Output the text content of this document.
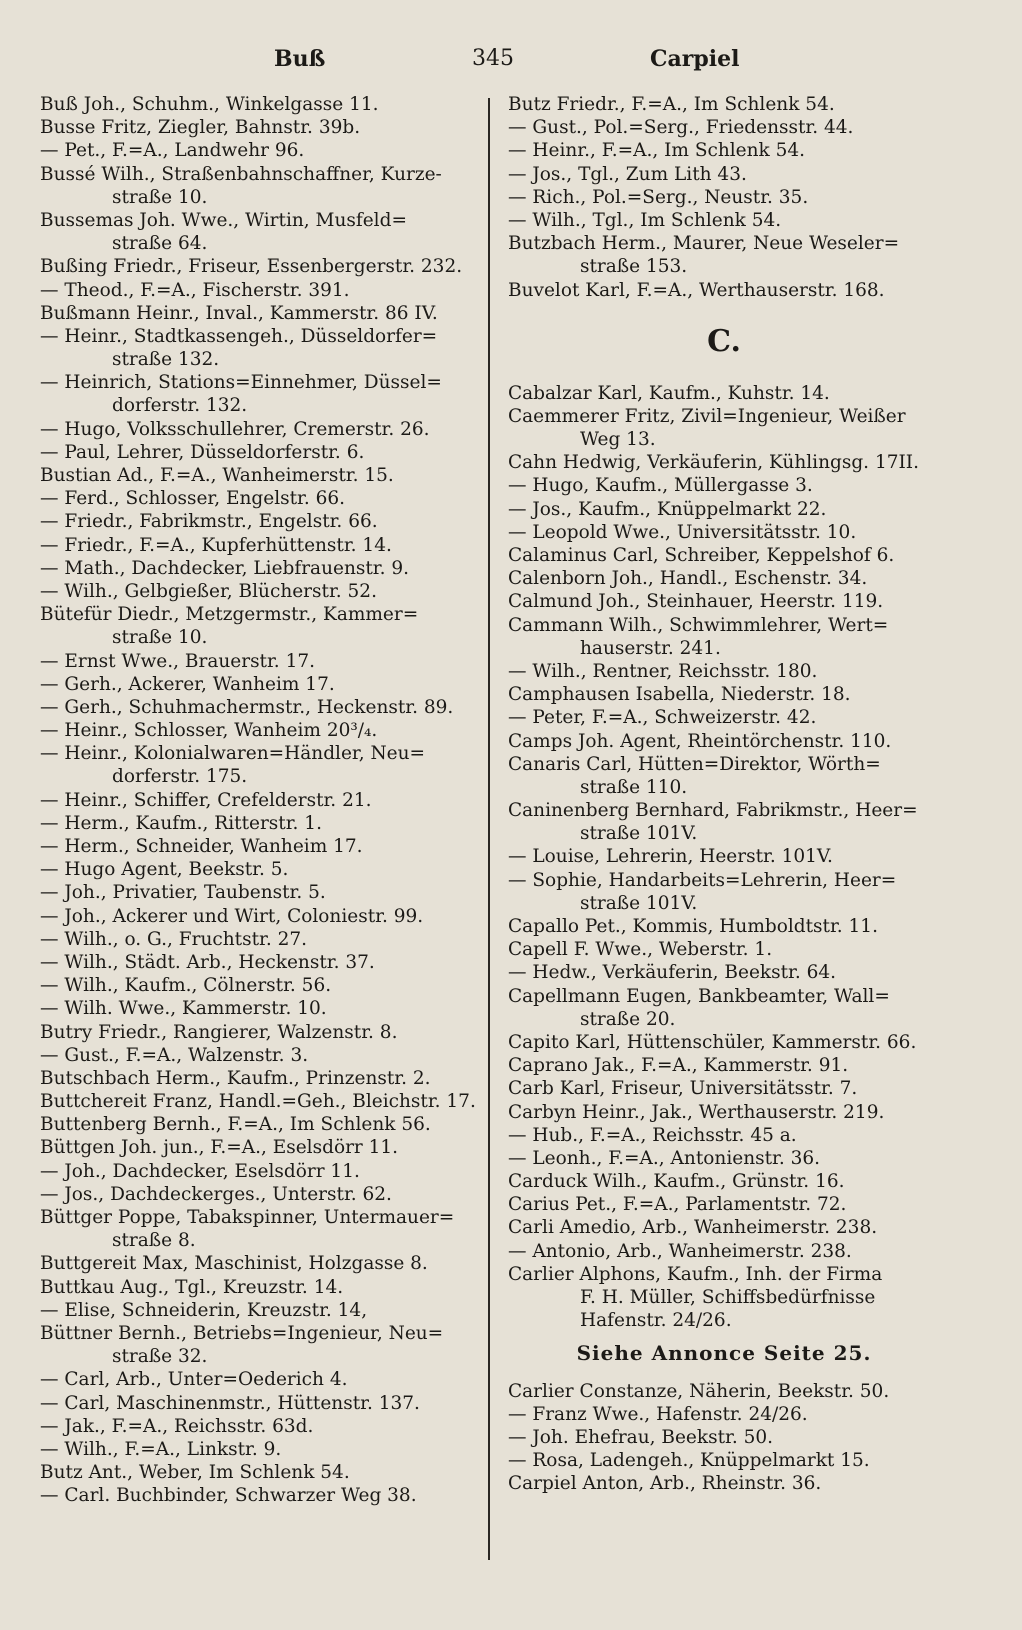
Buß	345	Carpiel
Buß Joh., Schuhm., Winkelgasse 11.
Busse Fritz, Ziegler, Bahnstr. 39b.
— Pet., F.=A., Landwehr 96.
Bussé Wilh., Straßenbahnschaffner, Kurze-
straße 10.
Bussemas Joh. Wwe., Wirtin, Musfeld=
straße 64.
Bußing Friedr., Friseur, Essenbergerstr. 232.
— Theod., F.=A., Fischerstr. 391.
Bußmann Heinr., Inval., Kammerstr. 86 IV.
— Heinr., Stadtkassengeh., Düsseldorfer=
straße 132.
— Heinrich, Stations=Einnehmer, Düssel=
dorferstr. 132.
— Hugo, Volksschullehrer, Cremerstr. 26.
— Paul, Lehrer, Düsseldorferstr. 6.
Bustian Ad., F.=A., Wanheimerstr. 15.
— Ferd., Schlosser, Engelstr. 66.
— Friedr., Fabrikmstr., Engelstr. 66.
— Friedr., F.=A., Kupferhüttenstr. 14.
— Math., Dachdecker, Liebfrauenstr. 9.
— Wilh., Gelbgießer, Blücherstr. 52.
Bütefür Diedr., Metzgermstr., Kammer=
straße 10.
— Ernst Wwe., Brauerstr. 17.
— Gerh., Ackerer, Wanheim 17.
— Gerh., Schuhmachermstr., Heckenstr. 89.
— Heinr., Schlosser, Wanheim 20³/₄.
— Heinr., Kolonialwaren=Händler, Neu=
dorferstr. 175.
— Heinr., Schiffer, Crefelderstr. 21.
— Herm., Kaufm., Ritterstr. 1.
— Herm., Schneider, Wanheim 17.
— Hugo Agent, Beekstr. 5.
— Joh., Privatier, Taubenstr. 5.
— Joh., Ackerer und Wirt, Coloniestr. 99.
— Wilh., o. G., Fruchtstr. 27.
— Wilh., Städt. Arb., Heckenstr. 37.
— Wilh., Kaufm., Cölnerstr. 56.
— Wilh. Wwe., Kammerstr. 10.
Butry Friedr., Rangierer, Walzenstr. 8.
— Gust., F.=A., Walzenstr. 3.
Butschbach Herm., Kaufm., Prinzenstr. 2.
Buttchereit Franz, Handl.=Geh., Bleichstr. 17.
Buttenberg Bernh., F.=A., Im Schlenk 56.
Büttgen Joh. jun., F.=A., Eselsdörr 11.
— Joh., Dachdecker, Eselsdörr 11.
— Jos., Dachdeckerges., Unterstr. 62.
Büttger Poppe, Tabakspinner, Untermauer=
straße 8.
Buttgereit Max, Maschinist, Holzgasse 8.
Buttkau Aug., Tgl., Kreuzstr. 14.
— Elise, Schneiderin, Kreuzstr. 14,
Büttner Bernh., Betriebs=Ingenieur, Neu=
straße 32.
— Carl, Arb., Unter=Oederich 4.
— Carl, Maschinenmstr., Hüttenstr. 137.
— Jak., F.=A., Reichsstr. 63d.
— Wilh., F.=A., Linkstr. 9.
Butz Ant., Weber, Im Schlenk 54.
— Carl. Buchbinder, Schwarzer Weg 38.
Butz Friedr., F.=A., Im Schlenk 54.
— Gust., Pol.=Serg., Friedensstr. 44.
— Heinr., F.=A., Im Schlenk 54.
— Jos., Tgl., Zum Lith 43.
— Rich., Pol.=Serg., Neustr. 35.
— Wilh., Tgl., Im Schlenk 54.
Butzbach Herm., Maurer, Neue Weseler=
straße 153.
Buvelot Karl, F.=A., Werthauserstr. 168.
C.
Cabalzar Karl, Kaufm., Kuhstr. 14.
Caemmerer Fritz, Zivil=Ingenieur, Weißer
Weg 13.
Cahn Hedwig, Verkäuferin, Kühlingsg. 17II.
— Hugo, Kaufm., Müllergasse 3.
— Jos., Kaufm., Knüppelmarkt 22.
— Leopold Wwe., Universitätsstr. 10.
Calaminus Carl, Schreiber, Keppelshof 6.
Calenborn Joh., Handl., Eschenstr. 34.
Calmund Joh., Steinhauer, Heerstr. 119.
Cammann Wilh., Schwimmlehrer, Wert=
hauserstr. 241.
— Wilh., Rentner, Reichsstr. 180.
Camphausen Isabella, Niederstr. 18.
— Peter, F.=A., Schweizerstr. 42.
Camps Joh. Agent, Rheintörchenstr. 110.
Canaris Carl, Hütten=Direktor, Wörth=
straße 110.
Caninenberg Bernhard, Fabrikmstr., Heer=
straße 101V.
— Louise, Lehrerin, Heerstr. 101V.
— Sophie, Handarbeits=Lehrerin, Heer=
straße 101V.
Capallo Pet., Kommis, Humboldtstr. 11.
Capell F. Wwe., Weberstr. 1.
— Hedw., Verkäuferin, Beekstr. 64.
Capellmann Eugen, Bankbeamter, Wall=
straße 20.
Capito Karl, Hüttenschüler, Kammerstr. 66.
Caprano Jak., F.=A., Kammerstr. 91.
Carb Karl, Friseur, Universitätsstr. 7.
Carbyn Heinr., Jak., Werthauserstr. 219.
— Hub., F.=A., Reichsstr. 45 a.
— Leonh., F.=A., Antonienstr. 36.
Carduck Wilh., Kaufm., Grünstr. 16.
Carius Pet., F.=A., Parlamentstr. 72.
Carli Amedio, Arb., Wanheimerstr. 238.
— Antonio, Arb., Wanheimerstr. 238.
Carlier Alphons, Kaufm., Inh. der Firma
F. H. Müller, Schiffsbedürfnisse
Hafenstr. 24/26.
Siehe Annonce Seite 25.
Carlier Constanze, Näherin, Beekstr. 50.
— Franz Wwe., Hafenstr. 24/26.
— Joh. Ehefrau, Beekstr. 50.
— Rosa, Ladengeh., Knüppelmarkt 15.
Carpiel Anton, Arb., Rheinstr. 36.
